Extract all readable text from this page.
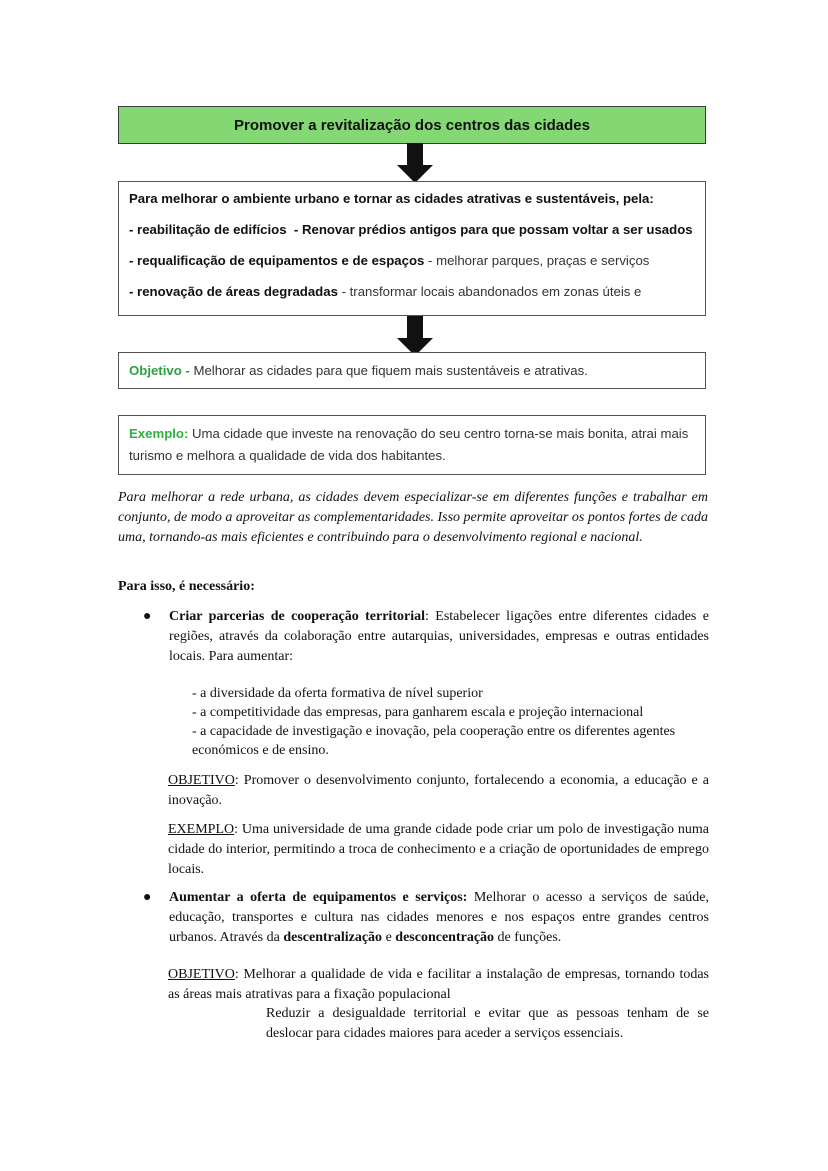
Promover a revitalização dos centros das cidades
Para melhorar o ambiente urbano e tornar as cidades atrativas e sustentáveis, pela:
- reabilitação de edifícios - Renovar prédios antigos para que possam voltar a ser usados
- requalificação de equipamentos e de espaços - melhorar parques, praças e serviços
- renovação de áreas degradadas - transformar locais abandonados em zonas úteis e
Objetivo -
Melhorar as cidades para que fiquem mais sustentáveis e atrativas.
Exemplo: Uma cidade que investe na renovação do seu centro torna-se mais bonita, atrai mais turismo e melhora a qualidade de vida dos habitantes.
Para melhorar a rede urbana, as cidades devem especializar-se em diferentes funções e trabalhar em conjunto, de modo a aproveitar as complementaridades. Isso permite aproveitar os pontos fortes de cada uma, tornando-as mais eficientes e contribuindo para o desenvolvimento regional e nacional.
Para isso, é necessário:
●	Criar parcerias de cooperação territorial: Estabelecer ligações entre diferentes cidades e regiões, através da colaboração entre autarquias, universidades, empresas e outras entidades locais. Para aumentar:
- a diversidade da oferta formativa de nível superior
- a competitividade das empresas, para ganharem escala e projeção internacional
- a capacidade de investigação e inovação, pela cooperação entre os diferentes agentes económicos e de ensino.
OBJETIVO: Promover o desenvolvimento conjunto, fortalecendo a economia, a educação e a inovação.
EXEMPLO: Uma universidade de uma grande cidade pode criar um polo de investigação numa cidade do interior, permitindo a troca de conhecimento e a criação de oportunidades de emprego locais.
●	Aumentar a oferta de equipamentos e serviços: Melhorar o acesso a serviços de saúde, educação, transportes e cultura nas cidades menores e nos espaços entre grandes centros urbanos. Através da descentralização e desconcentração de funções.
OBJETIVO: Melhorar a qualidade de vida e facilitar a instalação de empresas, tornando todas as áreas mais atrativas para a fixação populacional
Reduzir a desigualdade territorial e evitar que as pessoas tenham de se deslocar para cidades maiores para aceder a serviços essenciais.
